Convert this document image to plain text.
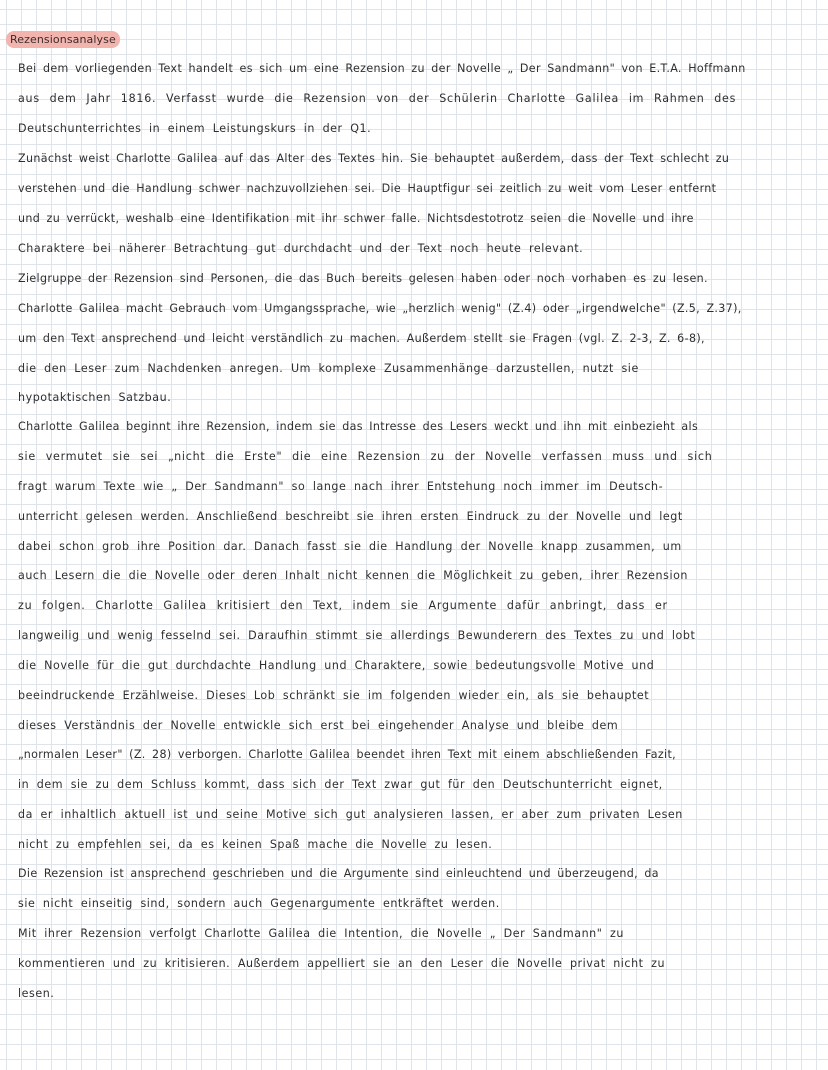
Rezensionsanalyse
Bei dem vorliegenden Text handelt es sich um eine Rezension zu der Novelle „ Der Sandmann" von E.T.A. Hoffmann
aus dem Jahr 1816. Verfasst wurde die Rezension von der Schülerin Charlotte Galilea im Rahmen des
Deutschunterrichtes in einem Leistungskurs in der Q1.
Zunächst weist Charlotte Galilea auf das Alter des Textes hin. Sie behauptet außerdem, dass der Text schlecht zu
verstehen und die Handlung schwer nachzuvollziehen sei. Die Hauptfigur sei zeitlich zu weit vom Leser entfernt
und zu verrückt, weshalb eine Identifikation mit ihr schwer falle. Nichtsdestotrotz seien die Novelle und ihre
Charaktere bei näherer Betrachtung gut durchdacht und der Text noch heute relevant.
Zielgruppe der Rezension sind Personen, die das Buch bereits gelesen haben oder noch vorhaben es zu lesen.
Charlotte Galilea macht Gebrauch vom Umgangssprache, wie „herzlich wenig" (Z.4) oder „irgendwelche" (Z.5, Z.37),
um den Text ansprechend und leicht verständlich zu machen. Außerdem stellt sie Fragen (vgl. Z. 2-3, Z. 6-8),
die den Leser zum Nachdenken anregen. Um komplexe Zusammenhänge darzustellen, nutzt sie
hypotaktischen Satzbau.
Charlotte Galilea beginnt ihre Rezension, indem sie das Intresse des Lesers weckt und ihn mit einbezieht als
sie vermutet sie sei „nicht die Erste" die eine Rezension zu der Novelle verfassen muss und sich
fragt warum Texte wie „ Der Sandmann" so lange nach ihrer Entstehung noch immer im Deutsch-
unterricht gelesen werden. Anschließend beschreibt sie ihren ersten Eindruck zu der Novelle und legt
dabei schon grob ihre Position dar. Danach fasst sie die Handlung der Novelle knapp zusammen, um
auch Lesern die die Novelle oder deren Inhalt nicht kennen die Möglichkeit zu geben, ihrer Rezension
zu folgen. Charlotte Galilea kritisiert den Text, indem sie Argumente dafür anbringt, dass er
langweilig und wenig fesselnd sei. Daraufhin stimmt sie allerdings Bewunderern des Textes zu und lobt
die Novelle für die gut durchdachte Handlung und Charaktere, sowie bedeutungsvolle Motive und
beeindruckende Erzählweise. Dieses Lob schränkt sie im folgenden wieder ein, als sie behauptet
dieses Verständnis der Novelle entwickle sich erst bei eingehender Analyse und bleibe dem
„normalen Leser" (Z. 28) verborgen. Charlotte Galilea beendet ihren Text mit einem abschließenden Fazit,
in dem sie zu dem Schluss kommt, dass sich der Text zwar gut für den Deutschunterricht eignet,
da er inhaltlich aktuell ist und seine Motive sich gut analysieren lassen, er aber zum privaten Lesen
nicht zu empfehlen sei, da es keinen Spaß mache die Novelle zu lesen.
Die Rezension ist ansprechend geschrieben und die Argumente sind einleuchtend und überzeugend, da
sie nicht einseitig sind, sondern auch Gegenargumente entkräftet werden.
Mit ihrer Rezension verfolgt Charlotte Galilea die Intention, die Novelle „ Der Sandmann" zu
kommentieren und zu kritisieren. Außerdem appelliert sie an den Leser die Novelle privat nicht zu
lesen.
